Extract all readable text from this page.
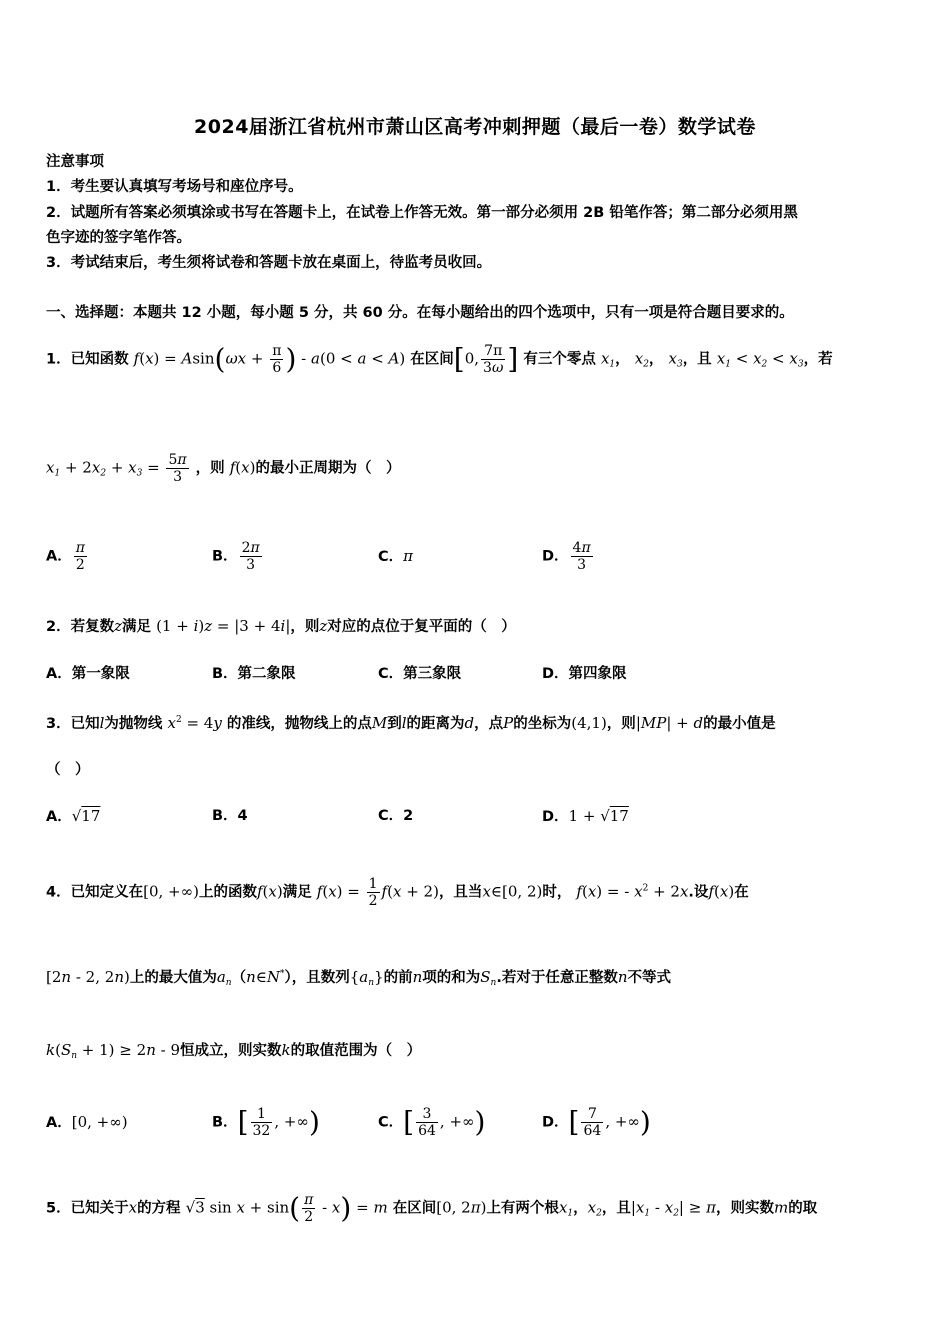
2024届浙江省杭州市萧山区高考冲刺押题（最后一卷）数学试卷
注意事项
1．考生要认真填写考场号和座位序号。
2．试题所有答案必须填涂或书写在答题卡上，在试卷上作答无效。第一部分必须用 2B 铅笔作答；第二部分必须用黑
色字迹的签字笔作答。
3．考试结束后，考生须将试卷和答题卡放在桌面上，待监考员收回。
一、选择题：本题共 12 小题，每小题 5 分，共 60 分。在每小题给出的四个选项中，只有一项是符合题目要求的。
1．已知函数 $f(x) = Asin(\omega x + \frac{\pi}{6}$ ) - a(0 < a < A) 在区间[0, $\frac{7\pi}{3\omega}$ ] 有三个零点 $x_1$， $x_2$， $x_3$，且 $x_1 < x_2 < x_3$，若
$x_1 + 2x_2 + x_3 = \frac{5\pi}{3}$ ，则 f(x)的最小正周期为（　）
A． $\frac{\pi}{2}$	B． $\frac{2\pi}{3}$	C．π	D． $\frac{4\pi}{3}$
2．若复数z满足 (1 + i)z = |3 + 4i|，则z对应的点位于复平面的（　）
A．第一象限	B．第二象限	C．第三象限	D．第四象限
3．已知l为抛物线 $x^2 = 4y$ 的准线，抛物线上的点M到l的距离为d，点P的坐标为(4,1)，则|MP| + d的最小值是
（　）
A．√17	B．4	C．2	D．1 + √17
4．已知定义在[0, +∞)上的函数f(x)满足 $f(x) = \frac{1}{2} f(x + 2)$，且当x∈[0, 2)时， f(x) = - $x^2 + 2x$.设f(x)在
[2n - 2, 2n)上的最大值为$a_n(n\in N^*)$，且数列$\{a_n\}$的前n项的和为$S_n$.若对于任意正整数n不等式
$k(S_n + 1) \ge 2n - 9$恒成立，则实数k的取值范围为（　）
A．[0, +∞)	B．[ $\frac{1}{32}$ , +∞)	C．[ $\frac{3}{64}$ , +∞)	D．[ $\frac{7}{64}$ , +∞)
5．已知关于x的方程 √3 $\sin x + \sin( \frac{\pi}{2} - x) = m$ 在区间[0, 2π)上有两个根$x_1$，$x_2$，且$|x_1 - x_2| \ge \pi$，则实数m的取
